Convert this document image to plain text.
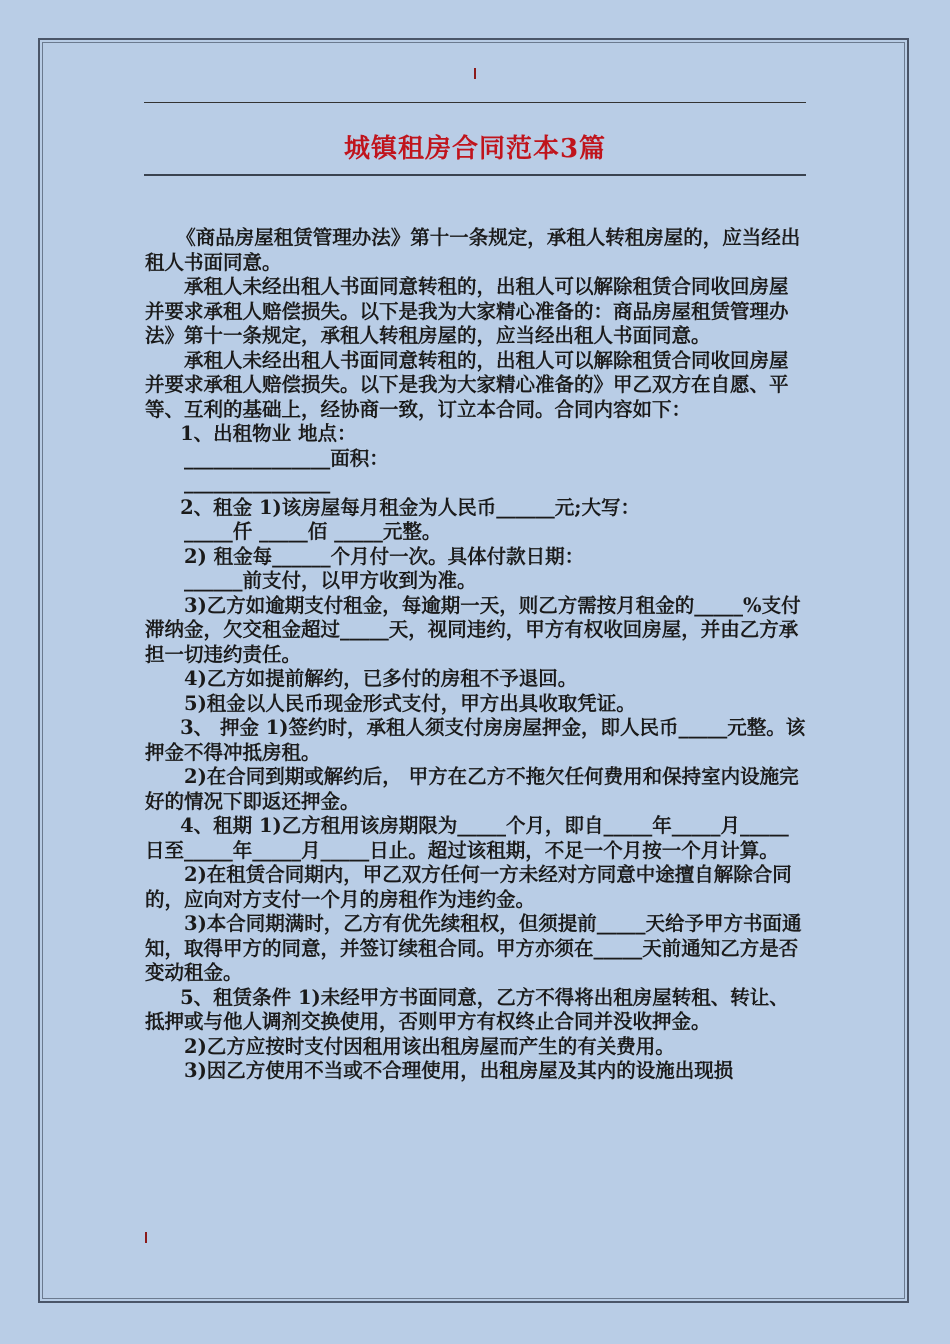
城镇租房合同范本3篇

《商品房屋租赁管理办法》第十一条规定，承租人转租房屋的，应当经出租人书面同意。

承租人未经出租人书面同意转租的，出租人可以解除租赁合同收回房屋并要求承租人赔偿损失。以下是我为大家精心准备的：商品房屋租赁管理办法》第十一条规定，承租人转租房屋的，应当经出租人书面同意。

承租人未经出租人书面同意转租的，出租人可以解除租赁合同收回房屋并要求承租人赔偿损失。以下是我为大家精心准备的》甲乙双方在自愿、平等、互利的基础上，经协商一致，订立本合同。合同内容如下：

1、出租物业 地点：

_______________面积：

_______________

2、租金 1)该房屋每月租金为人民币______元;大写：

_____仟 _____佰 _____元整。

2) 租金每______个月付一次。具体付款日期：

______前支付，以甲方收到为准。

3)乙方如逾期支付租金，每逾期一天，则乙方需按月租金的_____%支付滞纳金，欠交租金超过_____天，视同违约，甲方有权收回房屋，并由乙方承担一切违约责任。

4)乙方如提前解约，已多付的房租不予退回。

5)租金以人民币现金形式支付，甲方出具收取凭证。

3、 押金 1)签约时，承租人须支付房房屋押金，即人民币_____元整。该押金不得冲抵房租。

2)在合同到期或解约后， 甲方在乙方不拖欠任何费用和保持室内设施完好的情况下即返还押金。

4、租期 1)乙方租用该房期限为_____个月，即自_____年_____月_____日至_____年_____月_____日止。超过该租期，不足一个月按一个月计算。

2)在租赁合同期内，甲乙双方任何一方未经对方同意中途擅自解除合同的，应向对方支付一个月的房租作为违约金。

3)本合同期满时，乙方有优先续租权，但须提前_____天给予甲方书面通知，取得甲方的同意，并签订续租合同。甲方亦须在_____天前通知乙方是否变动租金。

5、租赁条件 1)未经甲方书面同意，乙方不得将出租房屋转租、转让、抵押或与他人调剂交换使用，否则甲方有权终止合同并没收押金。

2)乙方应按时支付因租用该出租房屋而产生的有关费用。

3)因乙方使用不当或不合理使用，出租房屋及其内的设施出现损
